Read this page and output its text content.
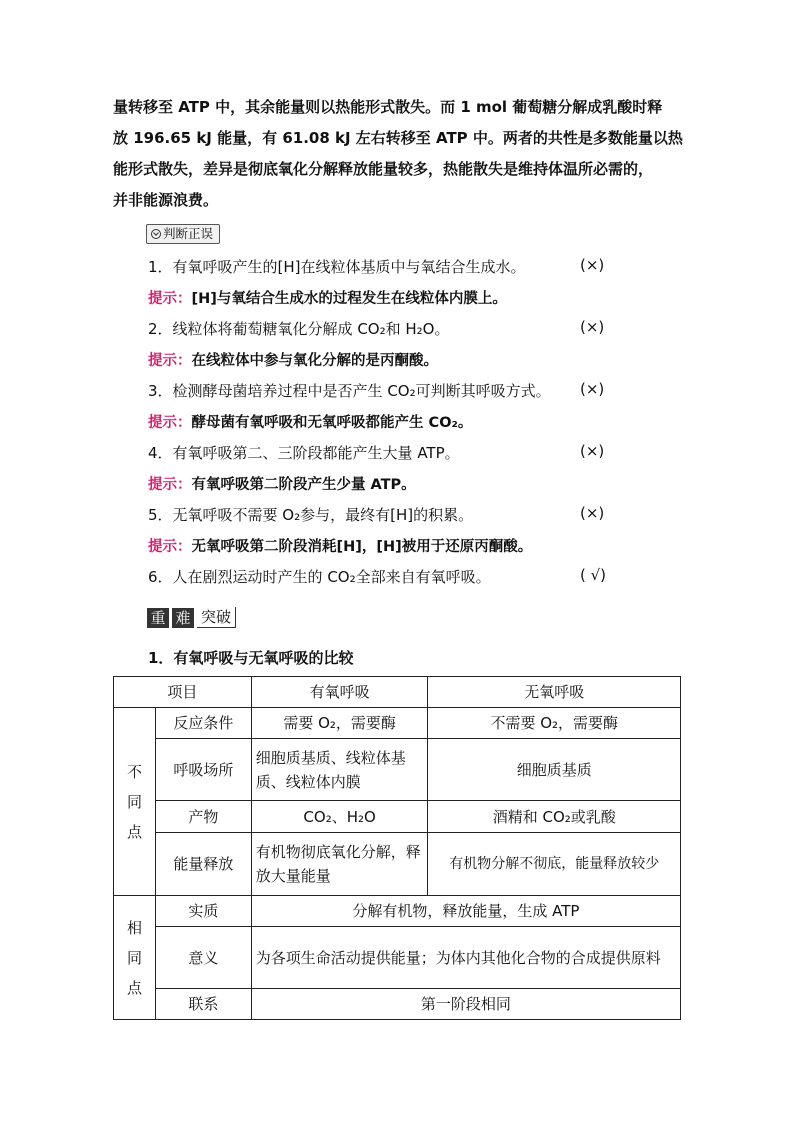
量转移至 ATP 中，其余能量则以热能形式散失。而 1 mol 葡萄糖分解成乳酸时释
放 196.65 kJ 能量，有 61.08 kJ 左右转移至 ATP 中。两者的共性是多数能量以热
能形式散失，差异是彻底氧化分解释放能量较多，热能散失是维持体温所必需的，
并非能源浪费。
判断正误
1．有氧呼吸产生的[H]在线粒体基质中与氧结合生成水。	(×)
提示：[H]与氧结合生成水的过程发生在线粒体内膜上。
2．线粒体将葡萄糖氧化分解成 CO₂和 H₂O。	(×)
提示：在线粒体中参与氧化分解的是丙酮酸。
3．检测酵母菌培养过程中是否产生 CO₂可判断其呼吸方式。	(×)
提示：酵母菌有氧呼吸和无氧呼吸都能产生 CO₂。
4．有氧呼吸第二、三阶段都能产生大量 ATP。	(×)
提示：有氧呼吸第二阶段产生少量 ATP。
5．无氧呼吸不需要 O₂参与，最终有[H]的积累。	(×)
提示：无氧呼吸第二阶段消耗[H]，[H]被用于还原丙酮酸。
6．人在剧烈运动时产生的 CO₂全部来自有氧呼吸。	( √)
重 难 突破
1．有氧呼吸与无氧呼吸的比较
项目		有氧呼吸	无氧呼吸
不
同
点	反应条件	需要 O₂，需要酶	不需要 O₂，需要酶
	呼吸场所	细胞质基质、线粒体基质、线粒体内膜	细胞质基质
	产物	CO₂、H₂O	酒精和 CO₂或乳酸
	能量释放	有机物彻底氧化分解，释放大量能量	有机物分解不彻底，能量释放较少
相
同
点	实质	分解有机物，释放能量，生成 ATP	
	意义	为各项生命活动提供能量；为体内其他化合物的合成提供原料	
	联系	第一阶段相同	
